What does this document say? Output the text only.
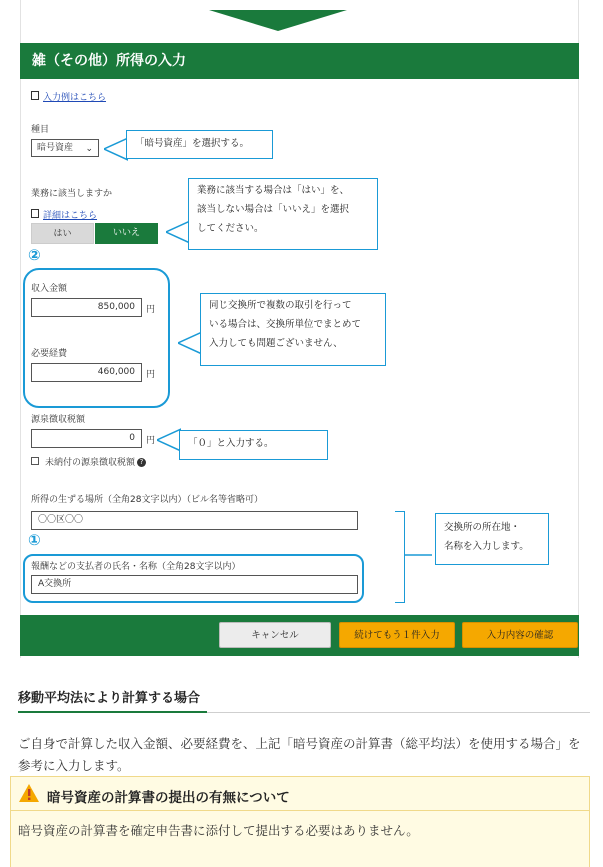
雑（その他）所得の入力
入力例はこちら
種目
暗号資産 ⌄	「暗号資産」を選択する。
業務に該当しますか
詳細はこちら
はい	いいえ
業務に該当する場合は「はい」を、
該当しない場合は「いいえ」を選択
してください。
②
収入金額
850,000	円
必要経費
460,000	円
同じ交換所で複数の取引を行って
いる場合は、交換所単位でまとめて
入力しても問題ございません、
源泉徴収税額
0	円	「０」と入力する。
未納付の源泉徴収税額 ?
所得の生ずる場所（全角28文字以内）（ビル名等省略可）
〇〇区〇〇
①
報酬などの支払者の氏名・名称（全角28文字以内）
A交換所
交換所の所在地・
名称を入力します。
キャンセル	続けてもう１件入力	入力内容の確認
移動平均法により計算する場合
ご自身で計算した収入金額、必要経費を、上記「暗号資産の計算書（総平均法）を使用する場合」を参考に入力します。
暗号資産の計算書の提出の有無について
暗号資産の計算書を確定申告書に添付して提出する必要はありません。
